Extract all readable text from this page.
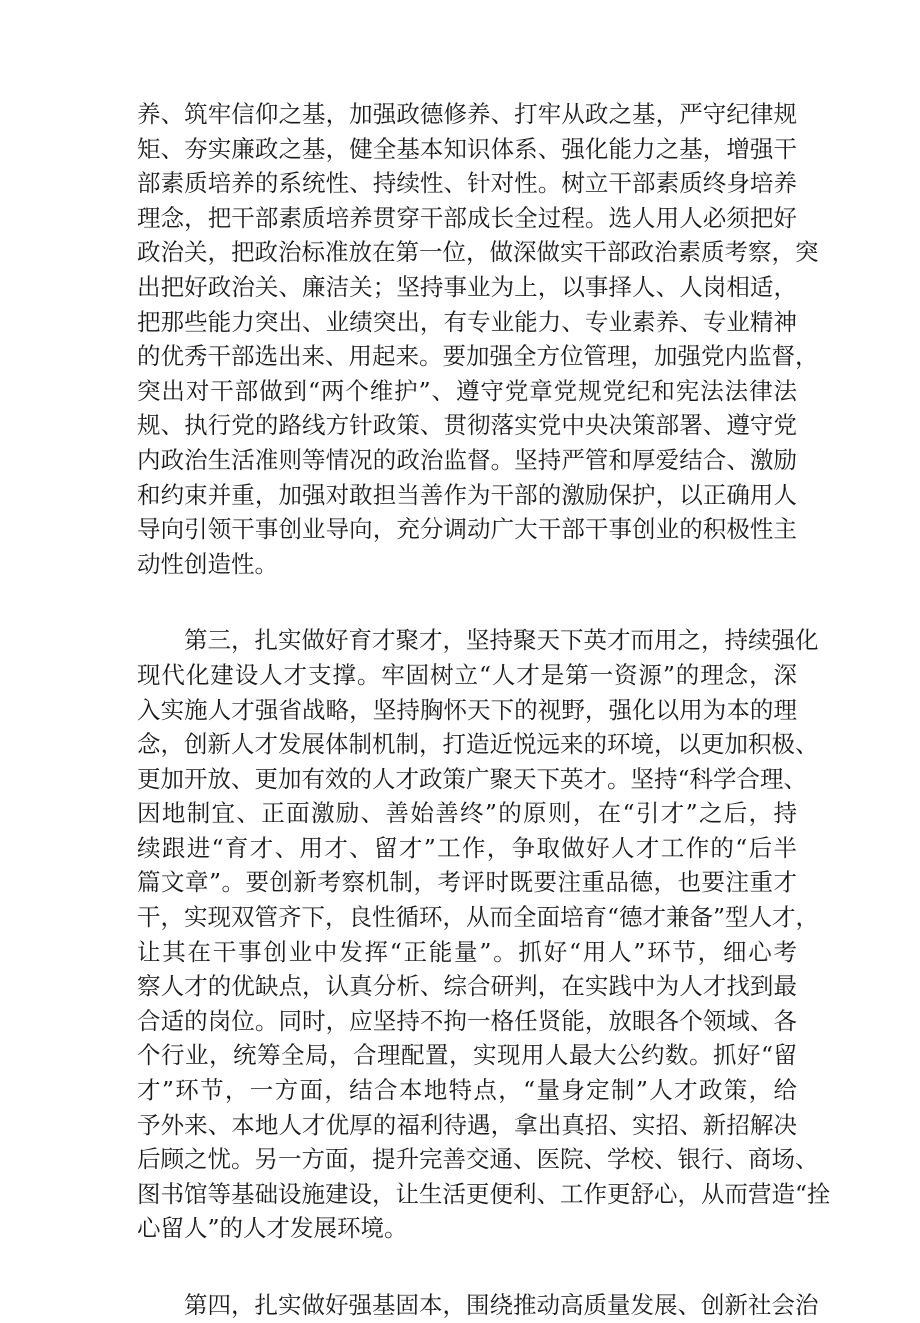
养、筑牢信仰之基，加强政德修养、打牢从政之基，严守纪律规
矩、夯实廉政之基，健全基本知识体系、强化能力之基，增强干
部素质培养的系统性、持续性、针对性。树立干部素质终身培养
理念，把干部素质培养贯穿干部成长全过程。选人用人必须把好
政治关，把政治标准放在第一位，做深做实干部政治素质考察，突
出把好政治关、廉洁关；坚持事业为上，以事择人、人岗相适，
把那些能力突出、业绩突出，有专业能力、专业素养、专业精神
的优秀干部选出来、用起来。要加强全方位管理，加强党内监督，
突出对干部做到“两个维护”、遵守党章党规党纪和宪法法律法
规、执行党的路线方针政策、贯彻落实党中央决策部署、遵守党
内政治生活准则等情况的政治监督。坚持严管和厚爱结合、激励
和约束并重，加强对敢担当善作为干部的激励保护，以正确用人
导向引领干事创业导向，充分调动广大干部干事创业的积极性主
动性创造性。
　　第三，扎实做好育才聚才，坚持聚天下英才而用之，持续强化
现代化建设人才支撑。牢固树立“人才是第一资源”的理念，深
入实施人才强省战略，坚持胸怀天下的视野，强化以用为本的理
念，创新人才发展体制机制，打造近悦远来的环境，以更加积极、
更加开放、更加有效的人才政策广聚天下英才。坚持“科学合理、
因地制宜、正面激励、善始善终”的原则，在“引才”之后，持
续跟进“育才、用才、留才”工作，争取做好人才工作的“后半
篇文章”。要创新考察机制，考评时既要注重品德，也要注重才
干，实现双管齐下，良性循环，从而全面培育“德才兼备”型人才，
让其在干事创业中发挥“正能量”。抓好“用人”环节，细心考
察人才的优缺点，认真分析、综合研判，在实践中为人才找到最
合适的岗位。同时，应坚持不拘一格任贤能，放眼各个领域、各
个行业，统筹全局，合理配置，实现用人最大公约数。抓好“留
才”环节，一方面，结合本地特点，“量身定制”人才政策，给
予外来、本地人才优厚的福利待遇，拿出真招、实招、新招解决
后顾之忧。另一方面，提升完善交通、医院、学校、银行、商场、
图书馆等基础设施建设，让生活更便利、工作更舒心，从而营造“拴
心留人”的人才发展环境。
　　第四，扎实做好强基固本，围绕推动高质量发展、创新社会治
